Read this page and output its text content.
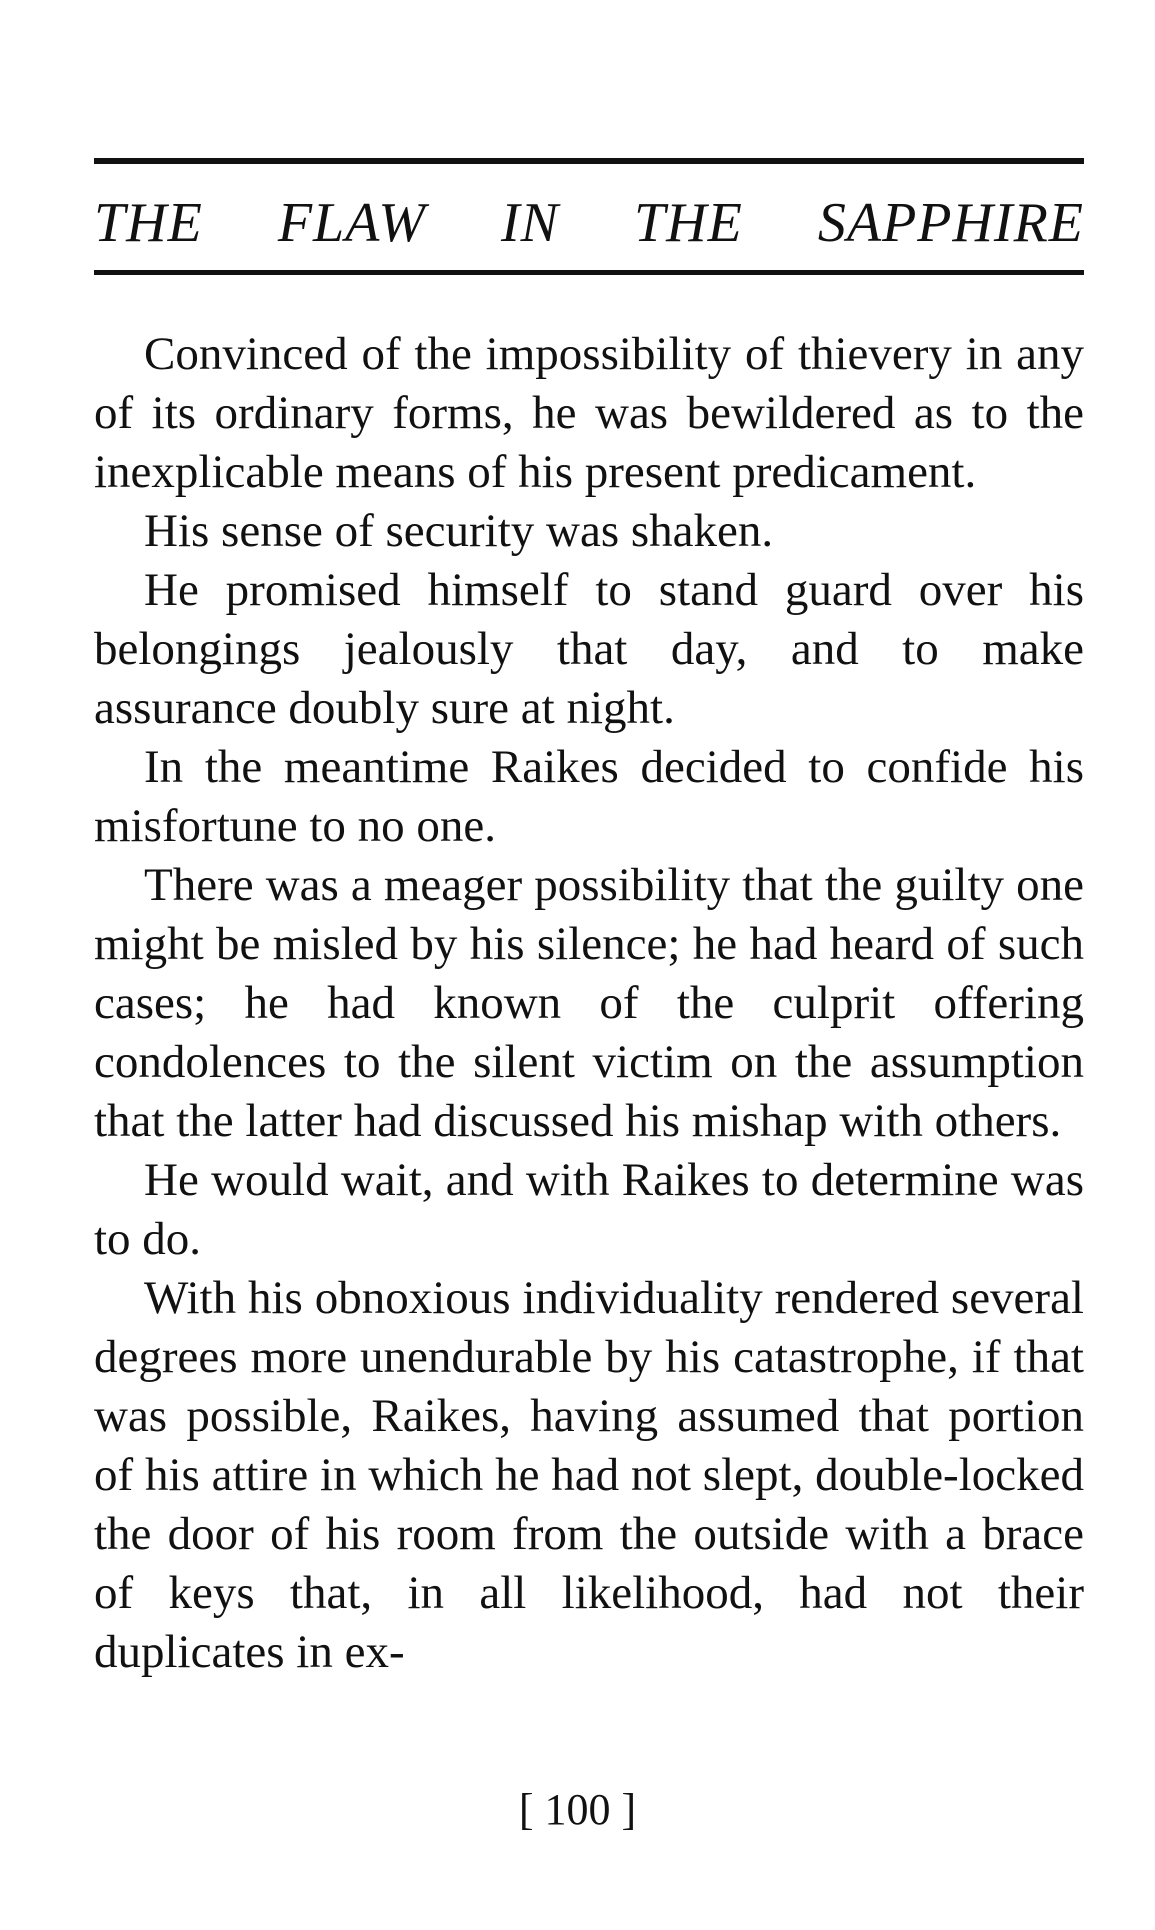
THE FLAW IN THE SAPPHIRE

Convinced of the impossibility of thievery in any of its ordinary forms, he was bewildered as to the inexplicable means of his present predicament.

His sense of security was shaken.

He promised himself to stand guard over his belongings jealously that day, and to make assurance doubly sure at night.

In the meantime Raikes decided to confide his misfortune to no one.

There was a meager possibility that the guilty one might be misled by his silence; he had heard of such cases; he had known of the culprit offering condolences to the silent victim on the assumption that the latter had discussed his mishap with others.

He would wait, and with Raikes to determine was to do.

With his obnoxious individuality rendered several degrees more unendurable by his catastrophe, if that was possible, Raikes, having assumed that portion of his attire in which he had not slept, double-locked the door of his room from the outside with a brace of keys that, in all likelihood, had not their duplicates in ex-

[ 100 ]
